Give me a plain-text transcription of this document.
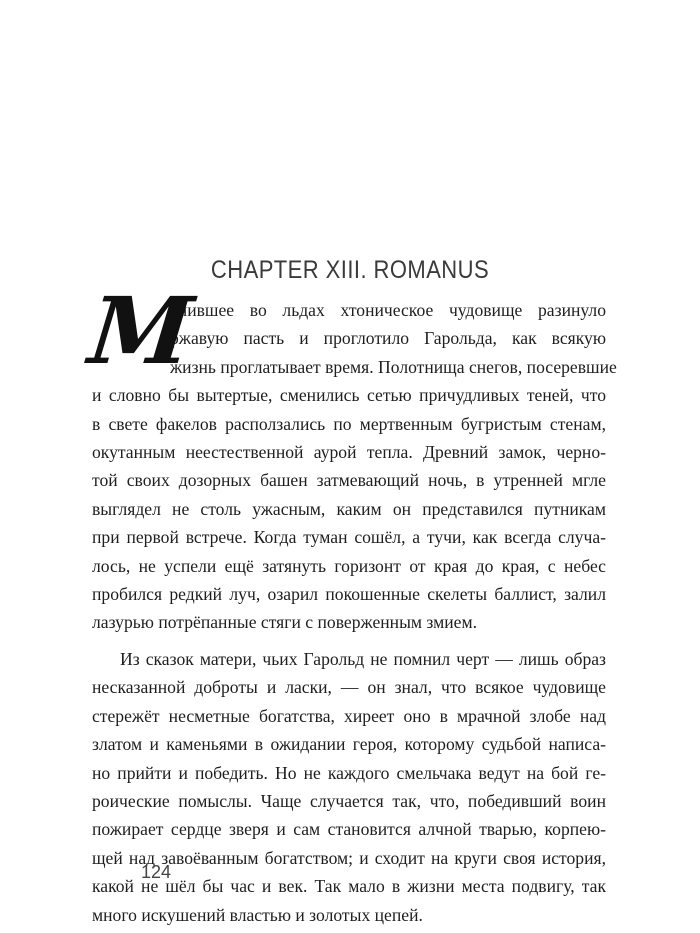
CHAPTER XIII. ROMANUS

М
очившее во льдах хтоническое чудовище разинуло
ржавую пасть и проглотило Гарольда, как всякую
жизнь проглатывает время. Полотнища снегов, посеревшие
и словно бы вытертые, сменились сетью причудливых теней, что
в свете факелов расползались по мертвенным бугристым стенам,
окутанным неестественной аурой тепла. Древний замок, черно-
той своих дозорных башен затмевающий ночь, в утренней мгле
выглядел не столь ужасным, каким он представился путникам
при первой встрече. Когда туман сошёл, а тучи, как всегда случа-
лось, не успели ещё затянуть горизонт от края до края, с небес
пробился редкий луч, озарил покошенные скелеты баллист, залил
лазурью потрёпанные стяги с поверженным змием.

Из сказок матери, чьих Гарольд не помнил черт — лишь образ
несказанной доброты и ласки, — он знал, что всякое чудовище
стережёт несметные богатства, хиреет оно в мрачной злобе над
златом и каменьями в ожидании героя, которому судьбой написа-
но прийти и победить. Но не каждого смельчака ведут на бой ге-
роические помыслы. Чаще случается так, что, победивший воин
пожирает сердце зверя и сам становится алчной тварью, корпею-
щей над завоёванным богатством; и сходит на круги своя история,
какой не шёл бы час и век. Так мало в жизни места подвигу, так
много искушений властью и золотых цепей.

124
